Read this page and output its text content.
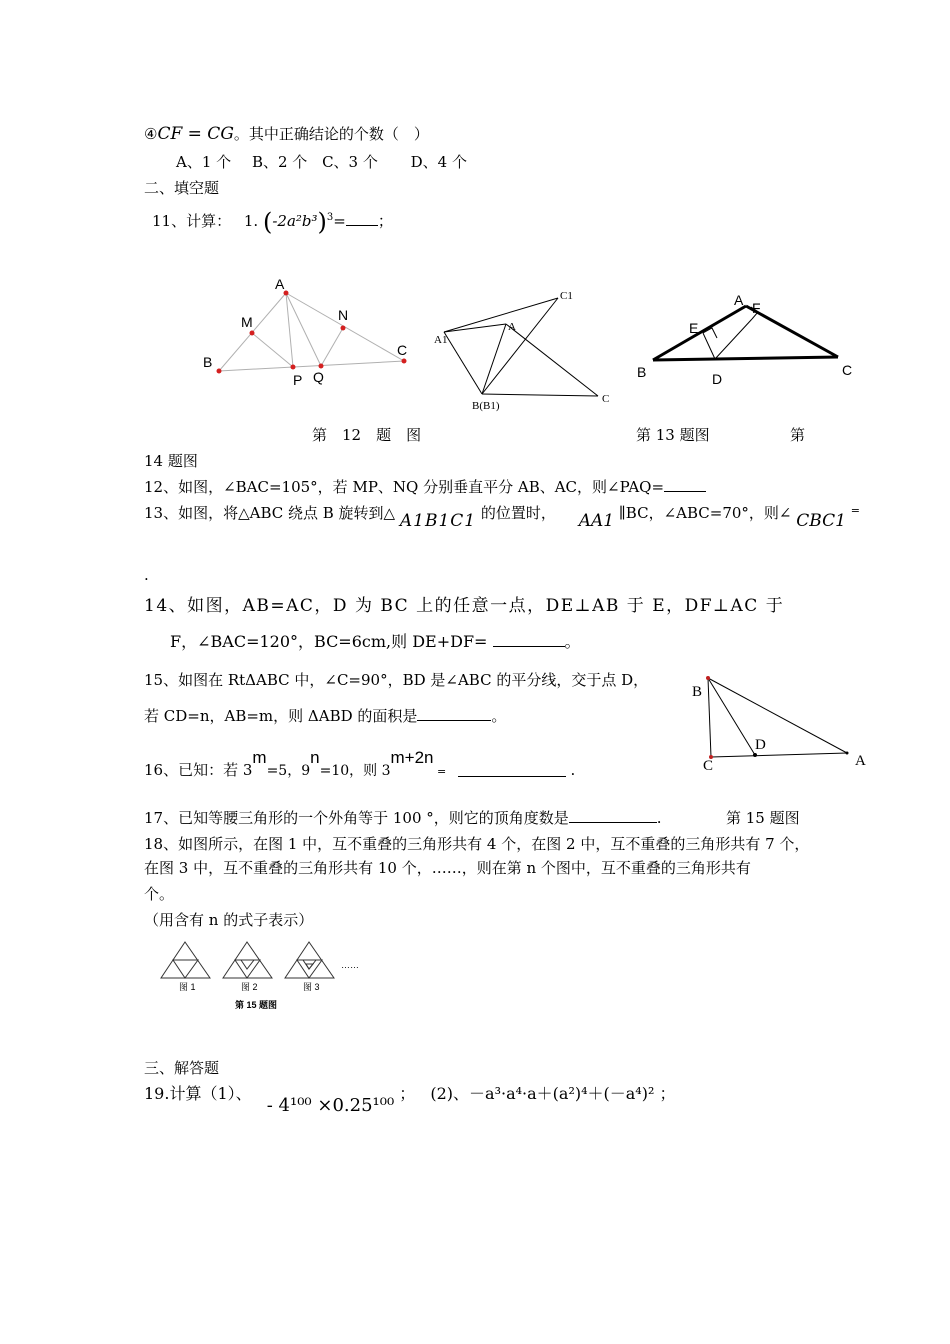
④CF = CG。其中正确结论的个数（　）
A、1 个 B、2 个 C、3 个 D、4 个
二、填空题
11、计算： 1. $(-2a^2b^3)^3=$ ；
A
M	N
B
C
P Q
C1
A1
A
B(B1)
C
A F
E
B	D
C
第　12　题　图	第 13 题图	第
14 题图
12、如图，∠BAC=105°，若 MP、NQ 分别垂直平分 AB、AC，则∠PAQ=
13、如图，将△ABC 绕点 B 旋转到△ A1B1C1 的位置时， AA1 ∥BC，∠ABC=70°，则∠ CBC1 =
.
14、如图，AB=AC，D 为 BC 上的任意一点，DE⊥AB 于 E，DF⊥AC 于
F，∠BAC=120°，BC=6cm,则 DE+DF=	。
15、如图在 RtΔABC 中，∠C=90°，BD 是∠ABC 的平分线，交于点 D，
若 CD=n，AB=m，则 ΔABD 的面积是	。
B
D
C	A
16、已知：若 3m=5，9n=10，则 3m+2n $_=$	.
17、已知等腰三角形的一个外角等于 100 °，则它的顶角度数是	.	第 15 题图
18、如图所示，在图 1 中，互不重叠的三角形共有 4 个，在图 2 中，互不重叠的三角形共有 7 个，
在图 3 中，互不重叠的三角形共有 10 个，……，则在第 n 个图中，互不重叠的三角形共有
个。
（用含有 n 的式子表示）
图 1	图 2	图 3
……
第 15 题图
三、解答题
19.计算（1）、 - 4¹⁰⁰ ×0.25¹⁰⁰ ； (2)、－a³·a⁴·a＋(a²)⁴＋(－a⁴)² ；
